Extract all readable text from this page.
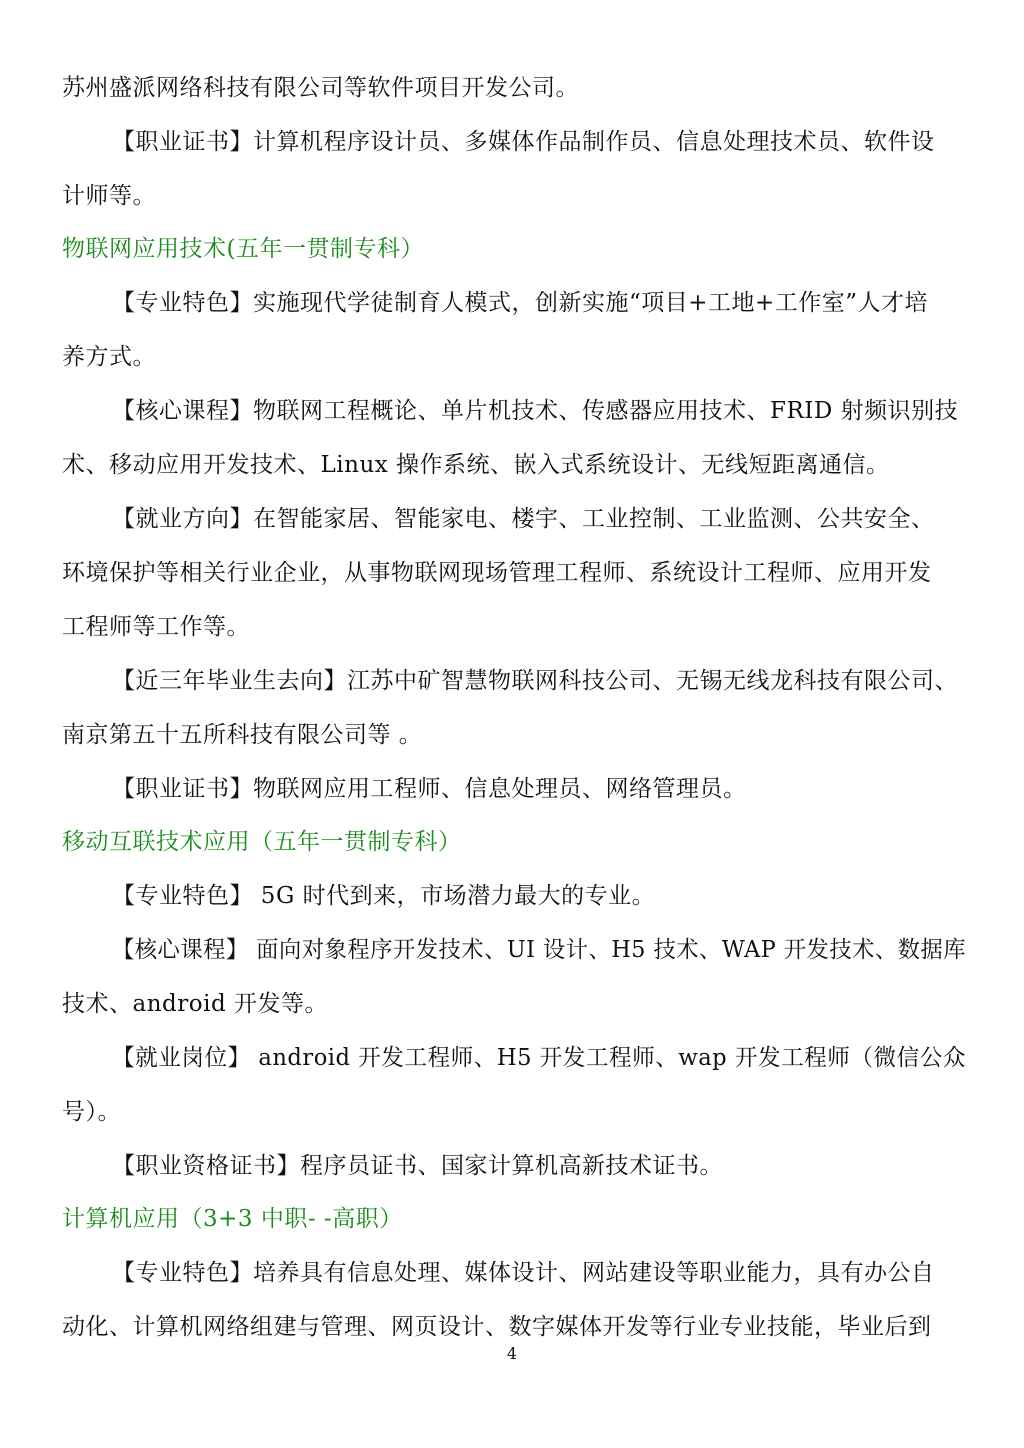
苏州盛派网络科技有限公司等软件项目开发公司。
【职业证书】计算机程序设计员、多媒体作品制作员、信息处理技术员、软件设
计师等。
物联网应用技术(五年一贯制专科）
【专业特色】实施现代学徒制育人模式，创新实施“项目+工地+工作室”人才培
养方式。
【核心课程】物联网工程概论、单片机技术、传感器应用技术、FRID 射频识别技
术、移动应用开发技术、Linux 操作系统、嵌入式系统设计、无线短距离通信。
【就业方向】在智能家居、智能家电、楼宇、工业控制、工业监测、公共安全、
环境保护等相关行业企业，从事物联网现场管理工程师、系统设计工程师、应用开发
工程师等工作等。
【近三年毕业生去向】江苏中矿智慧物联网科技公司、无锡无线龙科技有限公司、
南京第五十五所科技有限公司等 。
【职业证书】物联网应用工程师、信息处理员、网络管理员。
移动互联技术应用（五年一贯制专科）
【专业特色】 5G 时代到来，市场潜力最大的专业。
【核心课程】 面向对象程序开发技术、UI 设计、H5 技术、WAP 开发技术、数据库
技术、android 开发等。
【就业岗位】 android 开发工程师、H5 开发工程师、wap 开发工程师（微信公众
号）。
【职业资格证书】程序员证书、国家计算机高新技术证书。
计算机应用（3+3 中职- -高职）
【专业特色】培养具有信息处理、媒体设计、网站建设等职业能力，具有办公自
动化、计算机网络组建与管理、网页设计、数字媒体开发等行业专业技能，毕业后到
4
